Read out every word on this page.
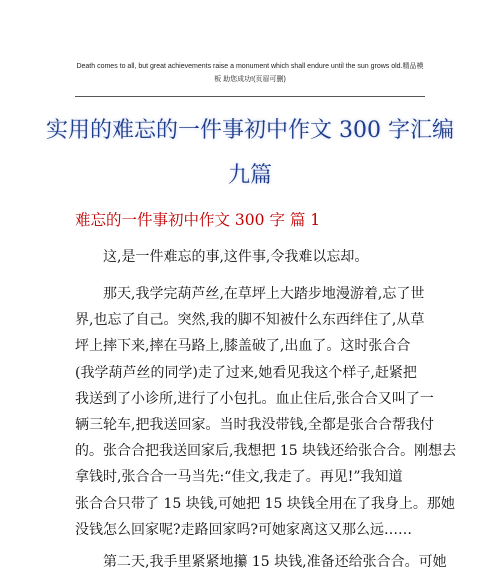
Death comes to all, but great achievements raise a monument which shall endure until the sun grows old.精品模
板 助您成功!(页眉可删)
实用的难忘的一件事初中作文 300 字汇编
九篇
难忘的一件事初中作文 300 字 篇 1
　　这,是一件难忘的事,这件事,令我难以忘却。
　　那天,我学完葫芦丝,在草坪上大踏步地漫游着,忘了世
界,也忘了自己。突然,我的脚不知被什么东西绊住了,从草
坪上摔下来,摔在马路上,膝盖破了,出血了。这时张合合
(我学葫芦丝的同学)走了过来,她看见我这个样子,赶紧把
我送到了小诊所,进行了小包扎。血止住后,张合合又叫了一
辆三轮车,把我送回家。当时我没带钱,全都是张合合帮我付
的。张合合把我送回家后,我想把 15 块钱还给张合合。刚想去
拿钱时,张合合一马当先:“佳文,我走了。再见!”我知道
张合合只带了 15 块钱,可她把 15 块钱全用在了我身上。那她
没钱怎么回家呢?走路回家吗?可她家离这又那么远……
　　第二天,我手里紧紧地攥 15 块钱,准备还给张合合。可她
